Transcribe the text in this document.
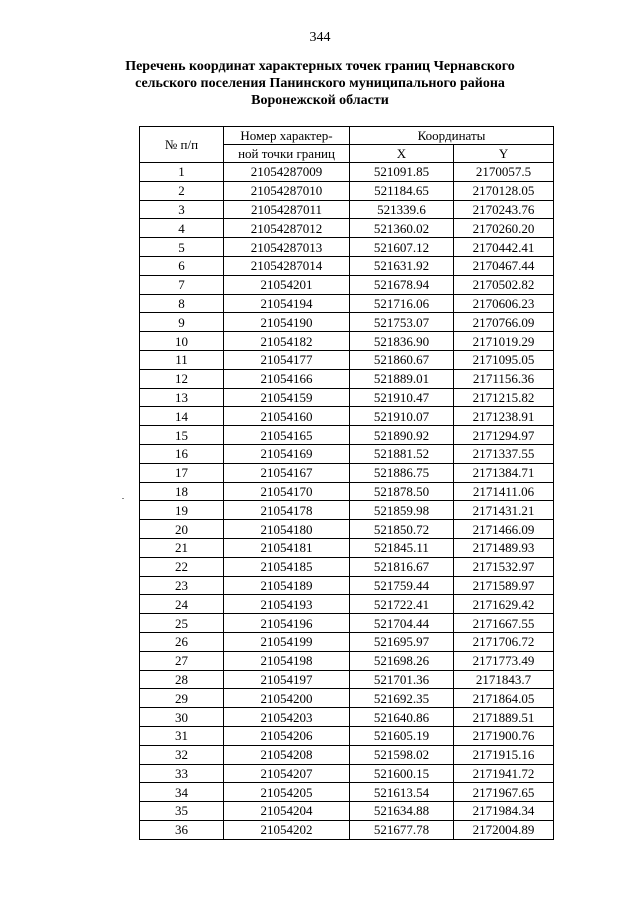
344
Перечень координат характерных точек границ Чернавского
сельского поселения Панинского муниципального района
Воронежской области
№ п/п	Номер характер-	Координаты	
	ной точки границ	X	Y
1	21054287009	521091.85	2170057.5
2	21054287010	521184.65	2170128.05
3	21054287011	521339.6	2170243.76
4	21054287012	521360.02	2170260.20
5	21054287013	521607.12	2170442.41
6	21054287014	521631.92	2170467.44
7	21054201	521678.94	2170502.82
8	21054194	521716.06	2170606.23
9	21054190	521753.07	2170766.09
10	21054182	521836.90	2171019.29
11	21054177	521860.67	2171095.05
12	21054166	521889.01	2171156.36
13	21054159	521910.47	2171215.82
14	21054160	521910.07	2171238.91
15	21054165	521890.92	2171294.97
16	21054169	521881.52	2171337.55
17	21054167	521886.75	2171384.71
18	21054170	521878.50	2171411.06
19	21054178	521859.98	2171431.21
20	21054180	521850.72	2171466.09
21	21054181	521845.11	2171489.93
22	21054185	521816.67	2171532.97
23	21054189	521759.44	2171589.97
24	21054193	521722.41	2171629.42
25	21054196	521704.44	2171667.55
26	21054199	521695.97	2171706.72
27	21054198	521698.26	2171773.49
28	21054197	521701.36	2171843.7
29	21054200	521692.35	2171864.05
30	21054203	521640.86	2171889.51
31	21054206	521605.19	2171900.76
32	21054208	521598.02	2171915.16
33	21054207	521600.15	2171941.72
34	21054205	521613.54	2171967.65
35	21054204	521634.88	2171984.34
36	21054202	521677.78	2172004.89
